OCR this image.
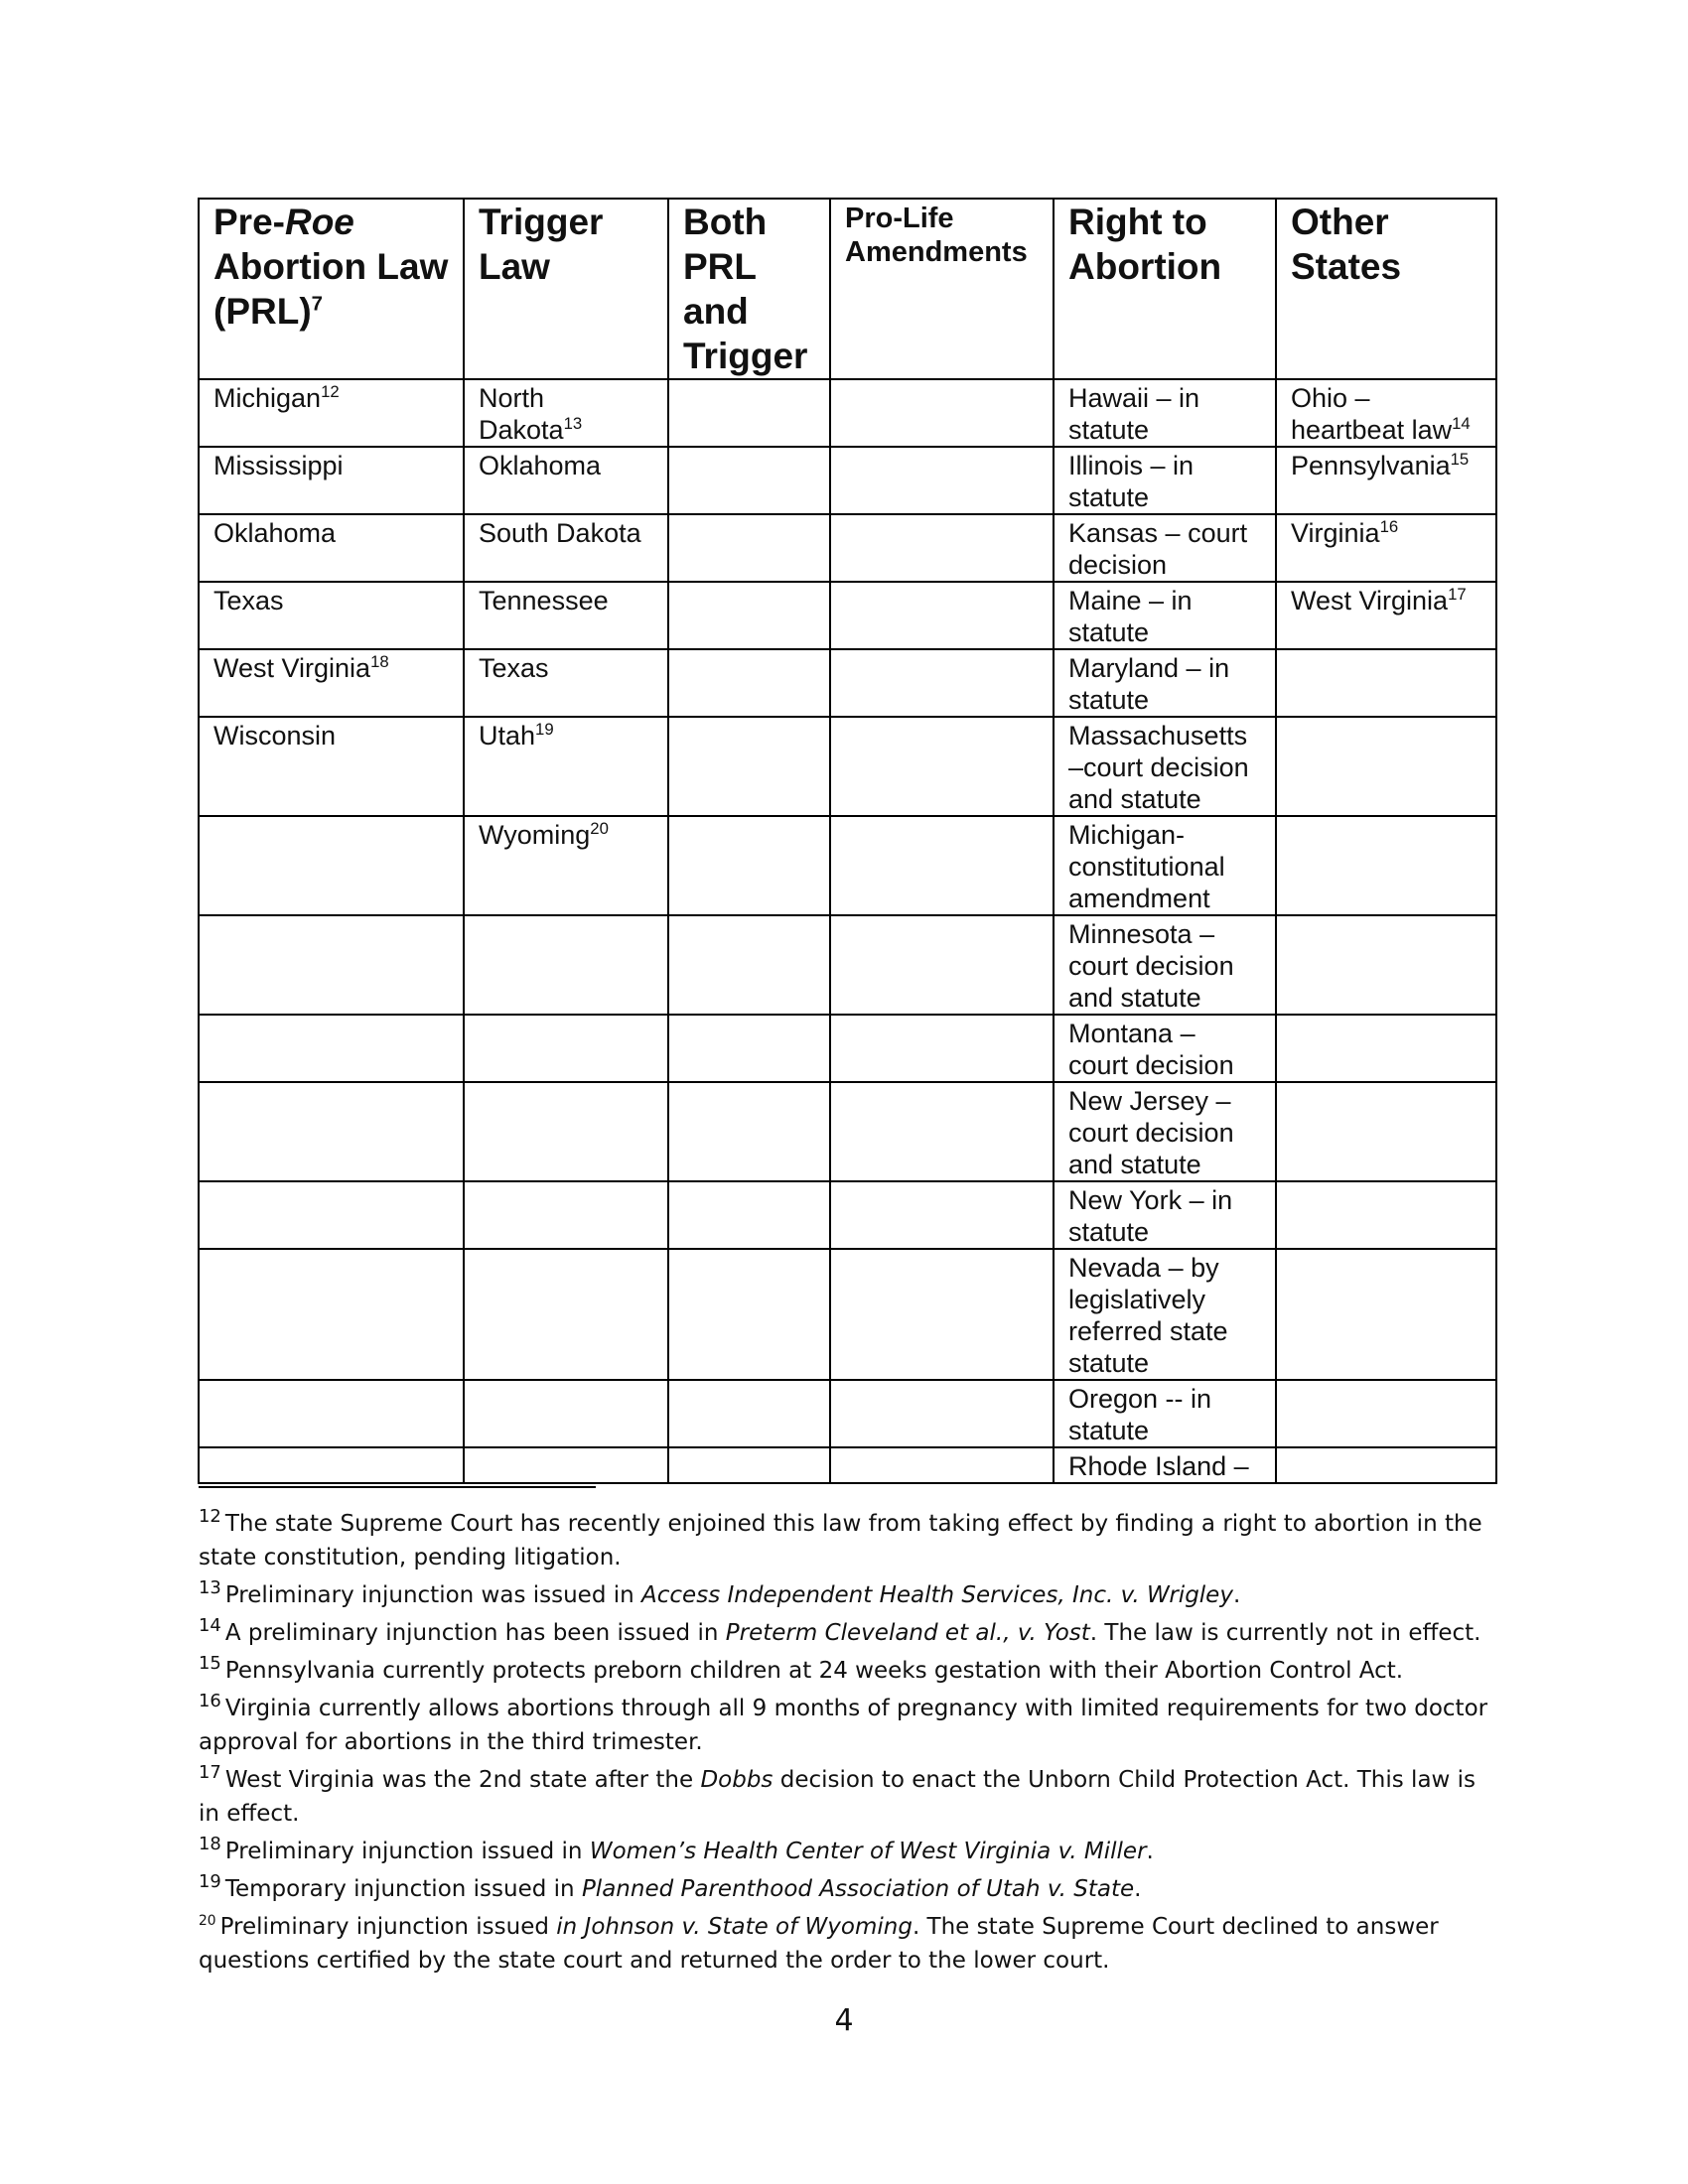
Pre-Roe Abortion Law (PRL)$^7$	Trigger Law	Both PRL and Trigger	Pro-Life Amendments	Right to Abortion	Other States
Michigan$^{12}$	North Dakota$^{13}$			Hawaii – in statute	Ohio – heartbeat law$^{14}$
Mississippi	Oklahoma			Illinois – in statute	Pennsylvania$^{15}$
Oklahoma	South Dakota			Kansas – court decision	Virginia$^{16}$
Texas	Tennessee			Maine – in statute	West Virginia$^{17}$
West Virginia$^{18}$	Texas			Maryland – in statute	
Wisconsin	Utah$^{19}$			Massachusetts –court decision and statute	
	Wyoming$^{20}$			Michigan- constitutional amendment	
				Minnesota – court decision and statute	
				Montana – court decision	
				New Jersey – court decision and statute	
				New York – in statute	
				Nevada – by legislatively referred state statute	
				Oregon -- in statute	
				Rhode Island –	
$^{12}$ The state Supreme Court has recently enjoined this law from taking effect by finding a right to abortion in the state constitution, pending litigation.
$^{13}$ Preliminary injunction was issued in Access Independent Health Services, Inc. v. Wrigley.
$^{14}$ A preliminary injunction has been issued in Preterm Cleveland et al., v. Yost. The law is currently not in effect.
$^{15}$ Pennsylvania currently protects preborn children at 24 weeks gestation with their Abortion Control Act.
$^{16}$ Virginia currently allows abortions through all 9 months of pregnancy with limited requirements for two doctor approval for abortions in the third trimester.
$^{17}$ West Virginia was the 2nd state after the Dobbs decision to enact the Unborn Child Protection Act. This law is in effect.
$^{18}$ Preliminary injunction issued in Women’s Health Center of West Virginia v. Miller.
$^{19}$ Temporary injunction issued in Planned Parenthood Association of Utah v. State.
$^{20}$ Preliminary injunction issued in Johnson v. State of Wyoming. The state Supreme Court declined to answer questions certified by the state court and returned the order to the lower court.
4
